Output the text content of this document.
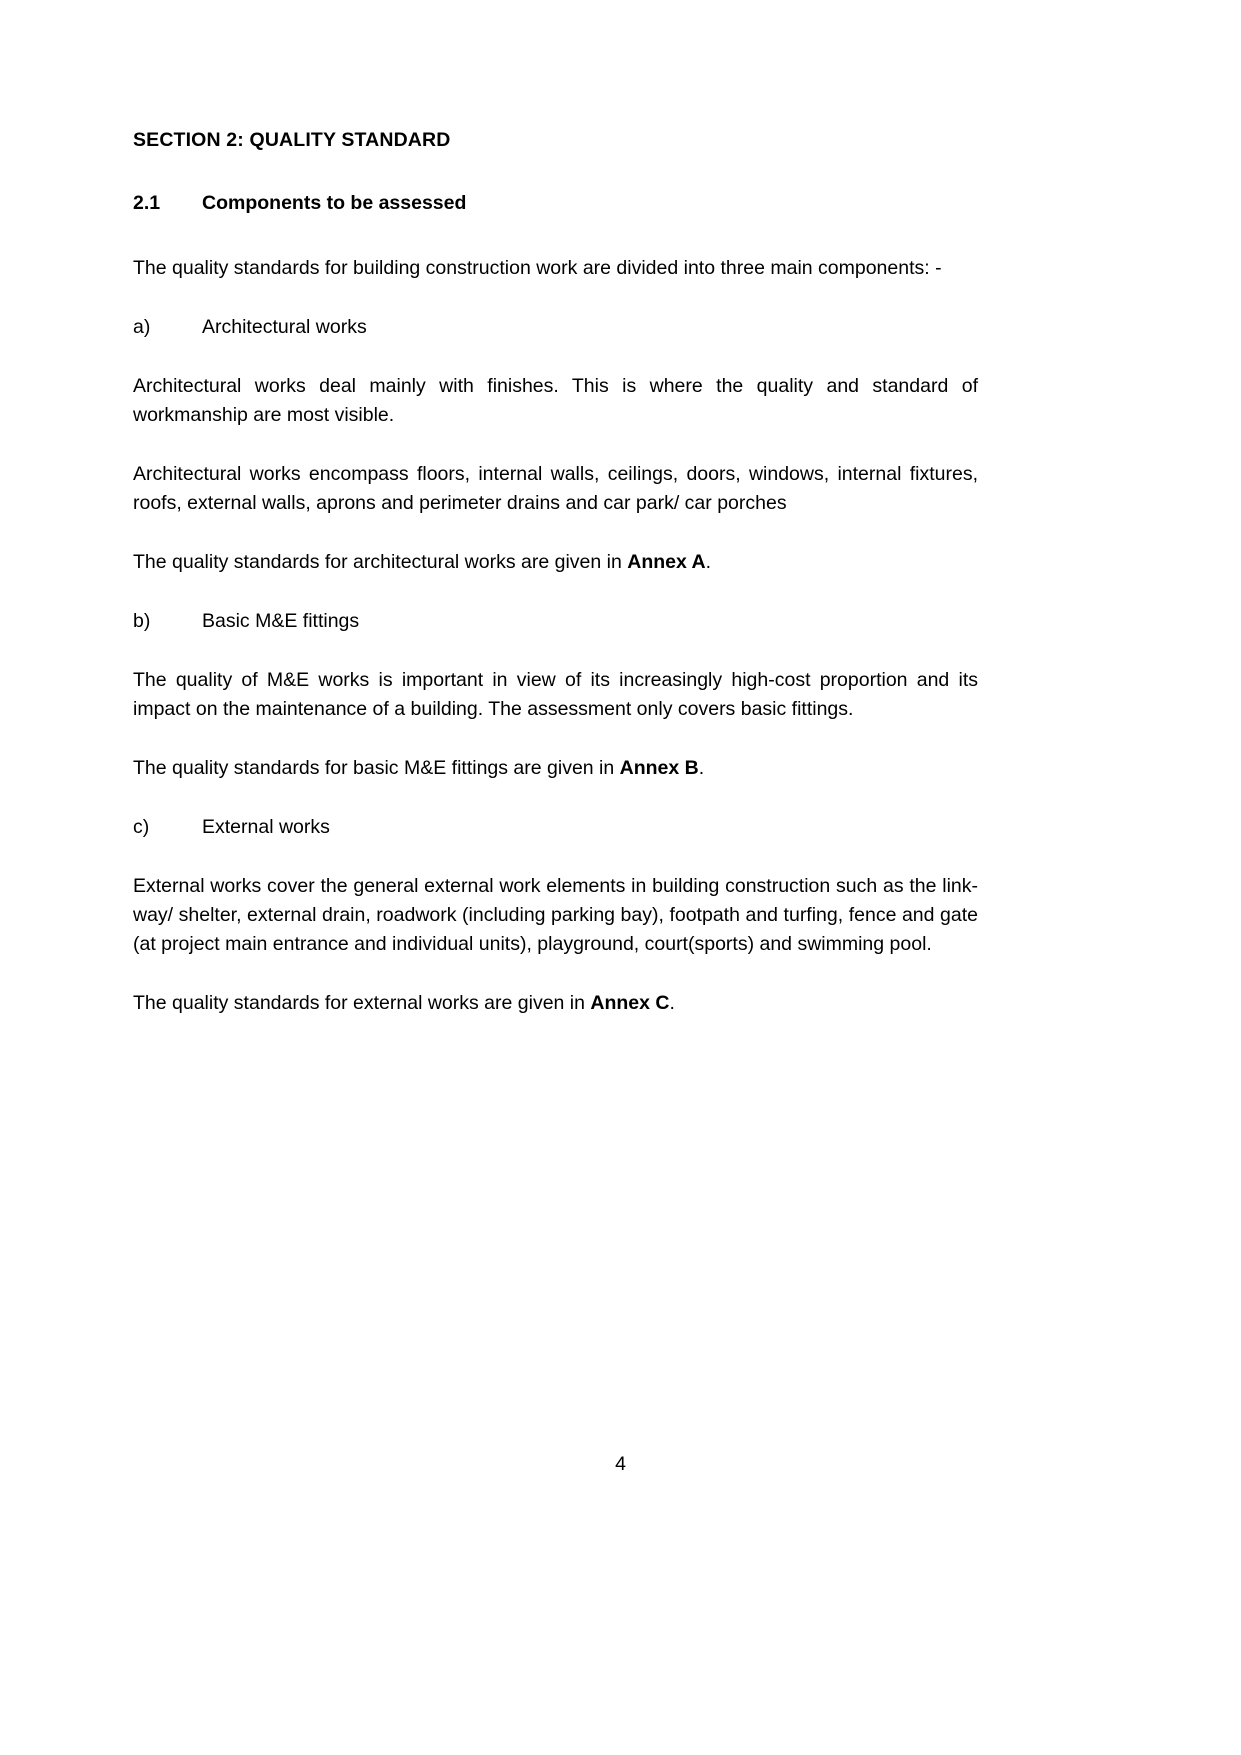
SECTION 2: QUALITY STANDARD
2.1	Components to be assessed

The quality standards for building construction work are divided into three main components: -

a)	Architectural works

Architectural works deal mainly with finishes. This is where the quality and standard of workmanship are most visible.

Architectural works encompass floors, internal walls, ceilings, doors, windows, internal fixtures, roofs, external walls, aprons and perimeter drains and car park/ car porches

The quality standards for architectural works are given in Annex A.

b)	Basic M&E fittings

The quality of M&E works is important in view of its increasingly high-cost proportion and its impact on the maintenance of a building. The assessment only covers basic fittings.

The quality standards for basic M&E fittings are given in Annex B.

c)	External works

External works cover the general external work elements in building construction such as the link-way/ shelter, external drain, roadwork (including parking bay), footpath and turfing, fence and gate (at project main entrance and individual units), playground, court(sports) and swimming pool.

The quality standards for external works are given in Annex C.

4
